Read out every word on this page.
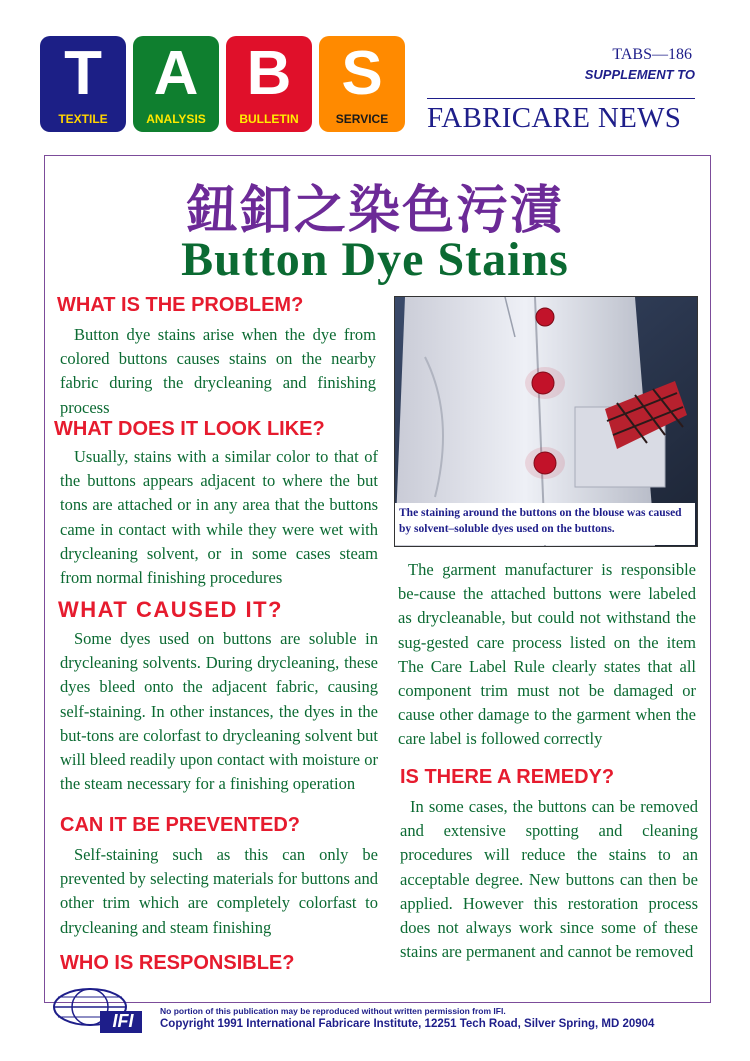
T
TEXTILE
A
ANALYSIS
B
BULLETIN
S
SERVICE
TABS—186
SUPPLEMENT TO
FABRICARE NEWS
鈕釦之染色污漬
Button Dye Stains
WHAT IS THE PROBLEM?
Button dye stains arise when the dye from colored buttons causes stains on the nearby fabric during the drycleaning and finishing process
WHAT DOES IT LOOK LIKE?
Usually, stains with a similar color to that of the buttons appears adjacent to where the but tons are attached or in any area that the buttons came in contact with while they were wet with drycleaning solvent, or in some cases steam from normal finishing procedures
WHAT CAUSED IT?
Some dyes used on buttons are soluble in drycleaning solvents. During drycleaning, these dyes bleed onto the adjacent fabric, causing self-staining. In other instances, the dyes in the but-tons are colorfast to drycleaning solvent but will bleed readily upon contact with moisture or the steam necessary for a finishing operation
CAN IT BE PREVENTED?
Self-staining such as this can only be prevented by selecting materials for buttons and other trim which are completely colorfast to drycleaning and steam finishing
WHO IS RESPONSIBLE?
The staining around the buttons on the blouse was caused by solvent–soluble dyes used on the buttons.
The garment manufacturer is responsible be-cause the attached buttons were labeled as drycleanable, but could not withstand the sug-gested care process listed on the item The Care Label Rule clearly states that all component trim must not be damaged or cause other damage to the garment when the care label is followed correctly
IS THERE A REMEDY?
In some cases, the buttons can be removed and extensive spotting and cleaning procedures will reduce the stains to an acceptable degree. New buttons can then be applied. However this restoration process does not always work since some of these stains are permanent and cannot be removed
IFI	No portion of this publication may be reproduced without written permission from IFI.
Copyright 1991 International Fabricare Institute, 12251 Tech Road, Silver Spring, MD 20904
